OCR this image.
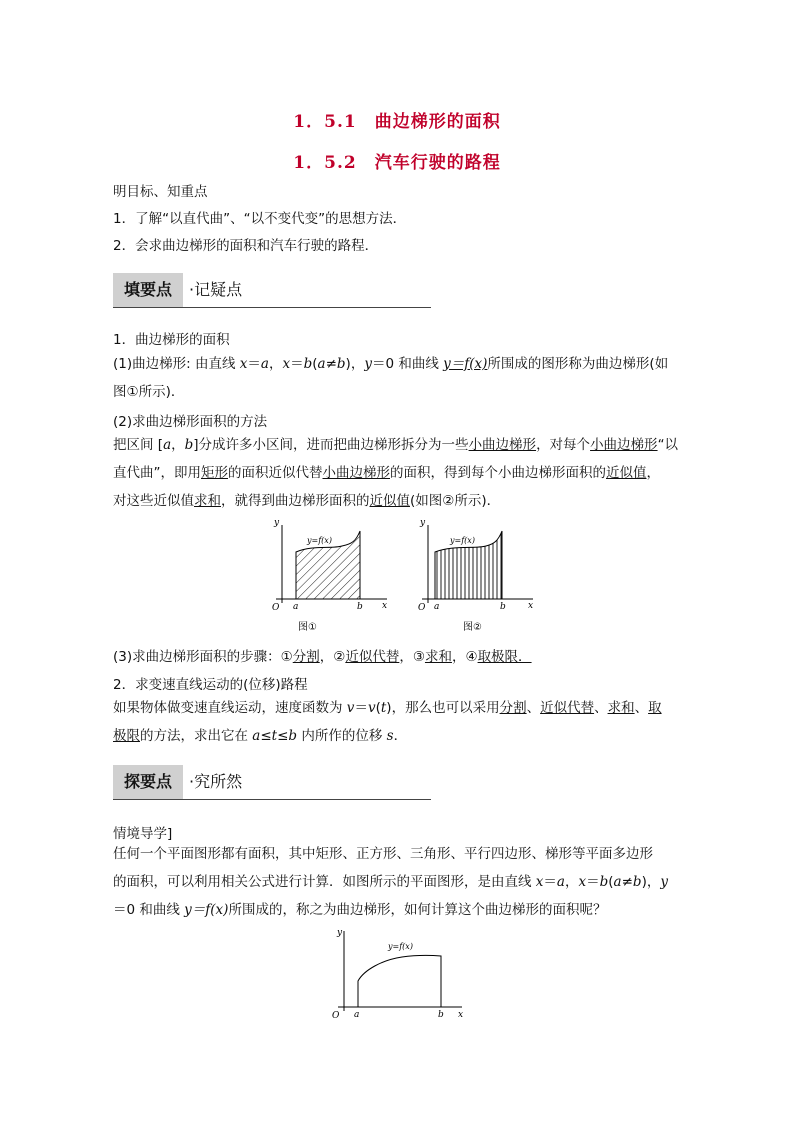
1．5.1　曲边梯形的面积
1．5.2　汽车行驶的路程
明目标、知重点
1．了解“以直代曲”、“以不变代变”的思想方法．
2．会求曲边梯形的面积和汽车行驶的路程．
填要点	·记疑点
1．曲边梯形的面积
(1)曲边梯形: 由直线 x＝a，x＝b(a≠b)，y＝0 和曲线 y＝f(x)所围成的图形称为曲边梯形(如
图①所示)．
(2)求曲边梯形面积的方法
把区间 [a，b]分成许多小区间，进而把曲边梯形拆分为一些小曲边梯形，对每个小曲边梯形“以
直代曲”，即用矩形的面积近似代替小曲边梯形的面积，得到每个小曲边梯形面积的近似值，
对这些近似值求和，就得到曲边梯形面积的近似值(如图②所示)．
y
x
O a	b
y=f(x)
图①
y
x
O a	b
y=f(x)
图②
(3)求曲边梯形面积的步骤：①分割，②近似代替，③求和，④取极限．
2．求变速直线运动的(位移)路程
如果物体做变速直线运动，速度函数为 v＝v(t)，那么也可以采用分割、近似代替、求和、取
极限的方法，求出它在 a≤t≤b 内所作的位移 s．
探要点	·究所然
情境导学]
任何一个平面图形都有面积，其中矩形、正方形、三角形、平行四边形、梯形等平面多边形
的面积，可以利用相关公式进行计算．如图所示的平面图形，是由直线 x＝a，x＝b(a≠b)，y
＝0 和曲线 y＝f(x)所围成的，称之为曲边梯形，如何计算这个曲边梯形的面积呢？
y
x
O a	b
y=f(x)
